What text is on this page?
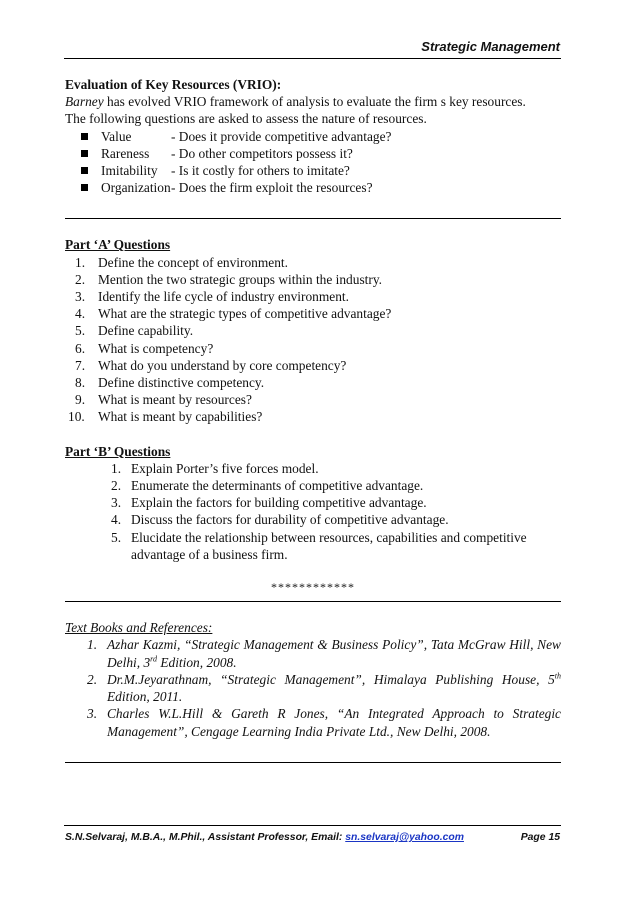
Strategic Management
Evaluation of Key Resources (VRIO):
Barney has evolved VRIO framework of analysis to evaluate the firm s key resources.
The following questions are asked to assess the nature of resources.
Value	- Does it provide competitive advantage?
Rareness - Do other competitors possess it?
Imitability - Is it costly for others to imitate?
Organization- Does the firm exploit the resources?
Part ‘A’ Questions
1. Define the concept of environment.
2. Mention the two strategic groups within the industry.
3. Identify the life cycle of industry environment.
4. What are the strategic types of competitive advantage?
5. Define capability.
6. What is competency?
7. What do you understand by core competency?
8. Define distinctive competency.
9. What is meant by resources?
10. What is meant by capabilities?
Part ‘B’ Questions
1. Explain Porter’s five forces model.
2. Enumerate the determinants of competitive advantage.
3. Explain the factors for building competitive advantage.
4. Discuss the factors for durability of competitive advantage.
5. Elucidate the relationship between resources, capabilities and competitive advantage of a business firm.
************
Text Books and References:
1. Azhar Kazmi, “Strategic Management & Business Policy”, Tata McGraw Hill, New Delhi, 3rd Edition, 2008.
2. Dr.M.Jeyarathnam, “Strategic Management”, Himalaya Publishing House, 5th Edition, 2011.
3. Charles W.L.Hill & Gareth R Jones, “An Integrated Approach to Strategic Management”, Cengage Learning India Private Ltd., New Delhi, 2008.
S.N.Selvaraj, M.B.A., M.Phil., Assistant Professor, Email: sn.selvaraj@yahoo.com	Page 15
